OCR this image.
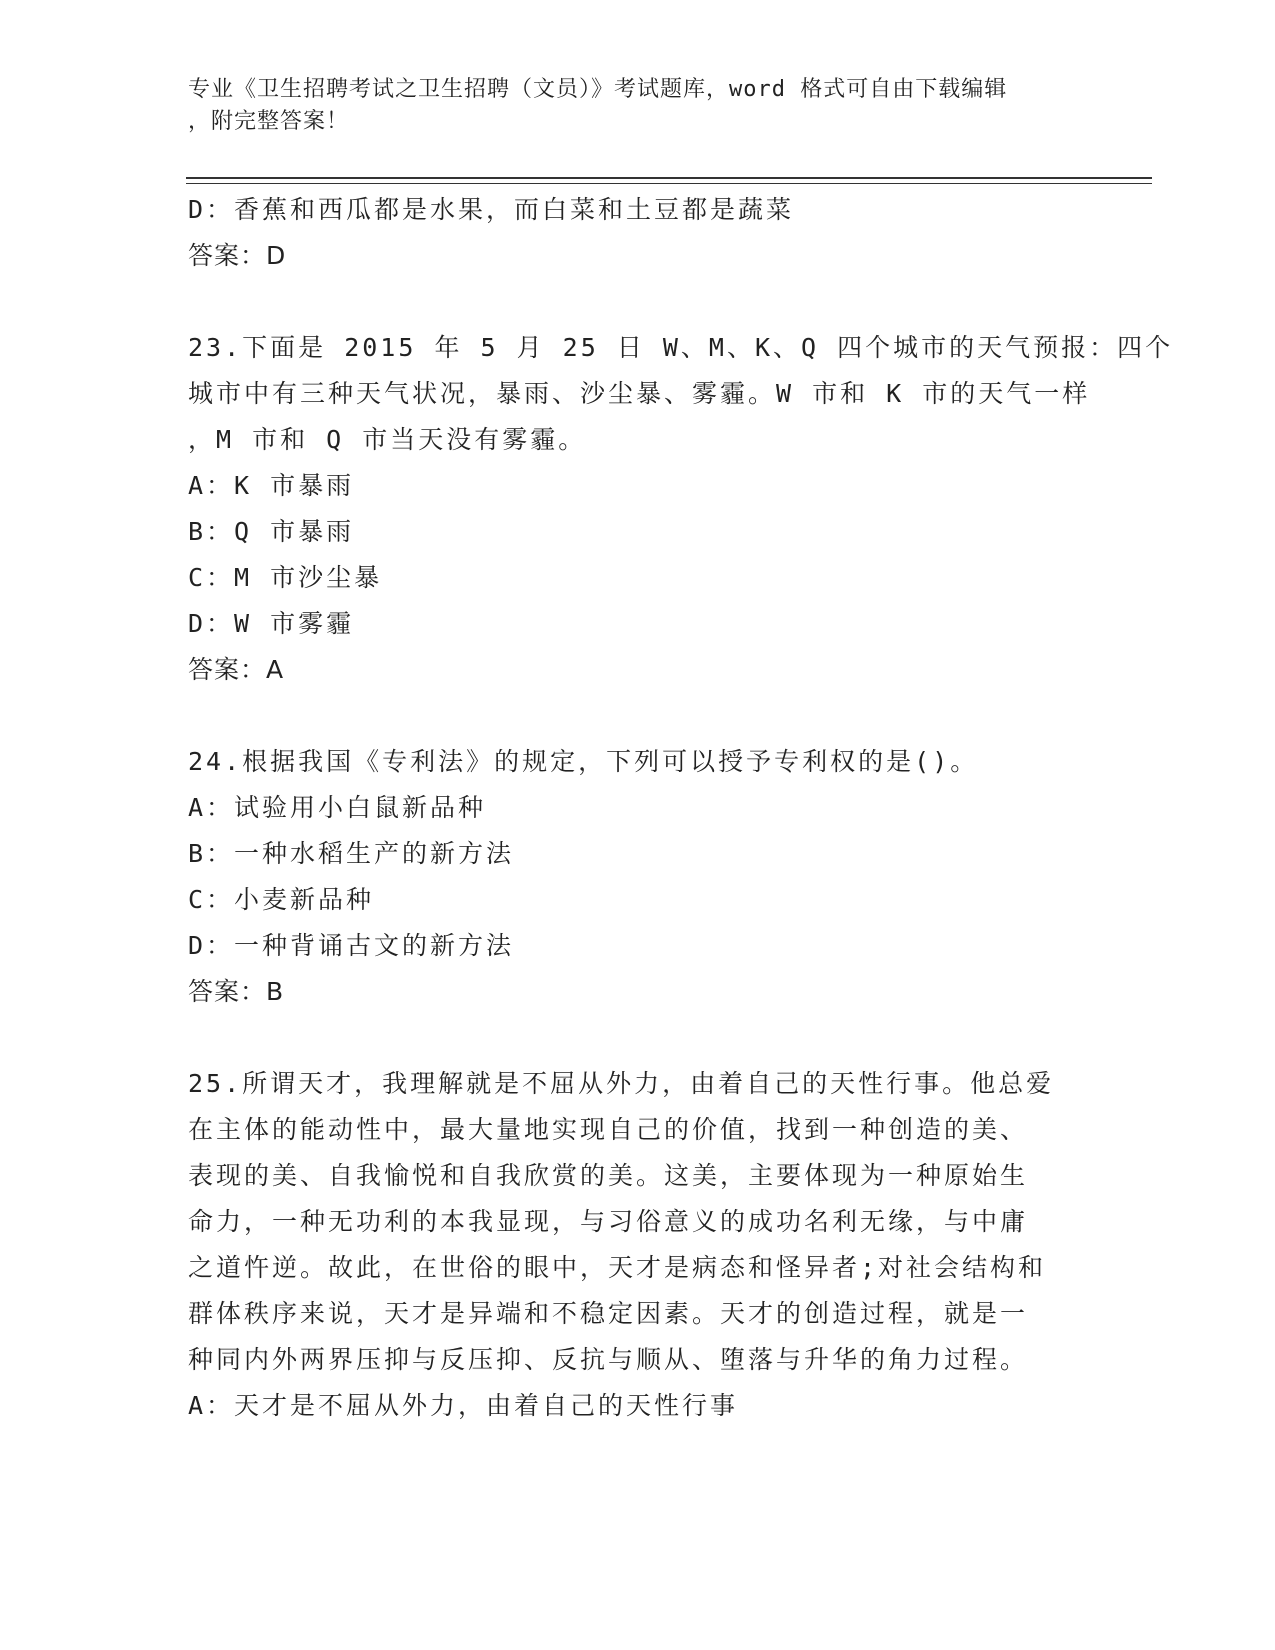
专业《卫生招聘考试之卫生招聘（文员）》考试题库，word 格式可自由下载编辑
，附完整答案！
D：香蕉和西瓜都是水果，而白菜和土豆都是蔬菜
答案：D
23.下面是 2015 年 5 月 25 日 W、M、K、Q 四个城市的天气预报：四个
城市中有三种天气状况，暴雨、沙尘暴、雾霾。W 市和 K 市的天气一样
，M 市和 Q 市当天没有雾霾。
A：K 市暴雨
B：Q 市暴雨
C：M 市沙尘暴
D：W 市雾霾
答案：A
24.根据我国《专利法》的规定，下列可以授予专利权的是()。
A：试验用小白鼠新品种
B：一种水稻生产的新方法
C：小麦新品种
D：一种背诵古文的新方法
答案：B
25.所谓天才，我理解就是不屈从外力，由着自己的天性行事。他总爱
在主体的能动性中，最大量地实现自己的价值，找到一种创造的美、
表现的美、自我愉悦和自我欣赏的美。这美，主要体现为一种原始生
命力，一种无功利的本我显现，与习俗意义的成功名利无缘，与中庸
之道忤逆。故此，在世俗的眼中，天才是病态和怪异者;对社会结构和
群体秩序来说，天才是异端和不稳定因素。天才的创造过程，就是一
种同内外两界压抑与反压抑、反抗与顺从、堕落与升华的角力过程。
A：天才是不屈从外力，由着自己的天性行事
